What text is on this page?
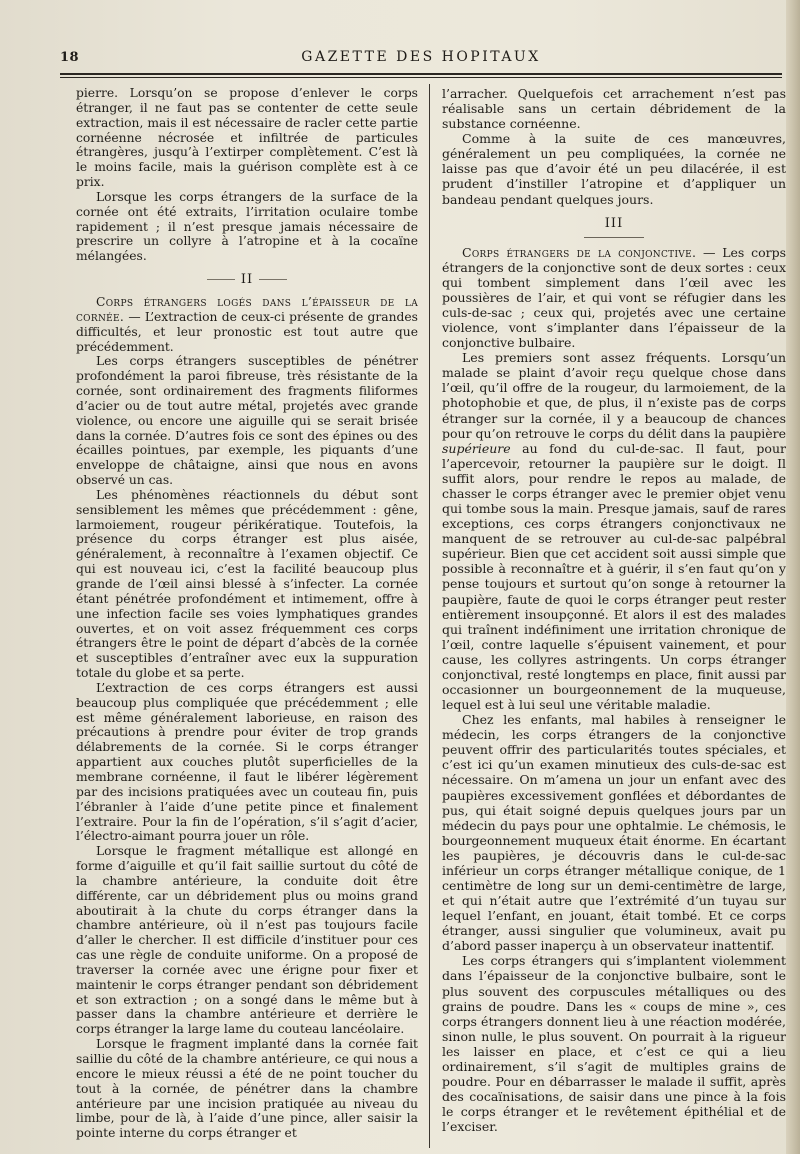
18	GAZETTE DES HOPITAUX

pierre. Lorsqu’on se propose d’enlever le corps étranger, il ne faut pas se contenter de cette seule extraction, mais il est nécessaire de racler cette partie cornéenne nécrosée et infiltrée de particules étrangères, jusqu’à l’extirper complètement. C’est là le moins facile, mais la guérison complète est à ce prix.

Lorsque les corps étrangers de la surface de la cornée ont été extraits, l’irritation oculaire tombe rapidement ; il n’est presque jamais nécessaire de prescrire un collyre à l’atropine et à la cocaïne mélangées.

II

Corps étrangers logés dans l’épaisseur de la cornée. — L’extraction de ceux-ci présente de grandes difficultés, et leur pronostic est tout autre que précédemment.

Les corps étrangers susceptibles de pénétrer profondément la paroi fibreuse, très résistante de la cornée, sont ordinairement des fragments filiformes d’acier ou de tout autre métal, projetés avec grande violence, ou encore une aiguille qui se serait brisée dans la cornée. D’autres fois ce sont des épines ou des écailles pointues, par exemple, les piquants d’une enveloppe de châtaigne, ainsi que nous en avons observé un cas.

Les phénomènes réactionnels du début sont sensiblement les mêmes que précédemment : gêne, larmoiement, rougeur périkératique. Toutefois, la présence du corps étranger est plus aisée, généralement, à reconnaître à l’examen objectif. Ce qui est nouveau ici, c’est la facilité beaucoup plus grande de l’œil ainsi blessé à s’infecter. La cornée étant pénétrée profondément et intimement, offre à une infection facile ses voies lymphatiques grandes ouvertes, et on voit assez fréquemment ces corps étrangers être le point de départ d’abcès de la cornée et susceptibles d’entraîner avec eux la suppuration totale du globe et sa perte.

L’extraction de ces corps étrangers est aussi beaucoup plus compliquée que précédemment ; elle est même généralement laborieuse, en raison des précautions à prendre pour éviter de trop grands délabrements de la cornée. Si le corps étranger appartient aux couches plutôt superficielles de la membrane cornéenne, il faut le libérer légèrement par des incisions pratiquées avec un couteau fin, puis l’ébranler à l’aide d’une petite pince et finalement l’extraire. Pour la fin de l’opération, s’il s’agit d’acier, l’électro-aimant pourra jouer un rôle.

Lorsque le fragment métallique est allongé en forme d’aiguille et qu’il fait saillie surtout du côté de la chambre antérieure, la conduite doit être différente, car un débridement plus ou moins grand aboutirait à la chute du corps étranger dans la chambre antérieure, où il n’est pas toujours facile d’aller le chercher. Il est difficile d’instituer pour ces cas une règle de conduite uniforme. On a proposé de traverser la cornée avec une érigne pour fixer et maintenir le corps étranger pendant son débridement et son extraction ; on a songé dans le même but à passer dans la chambre antérieure et derrière le corps étranger la large lame du couteau lancéolaire.

Lorsque le fragment implanté dans la cornée fait saillie du côté de la chambre antérieure, ce qui nous a encore le mieux réussi a été de ne point toucher du tout à la cornée, de pénétrer dans la chambre antérieure par une incision pratiquée au niveau du limbe, pour de là, à l’aide d’une pince, aller saisir la pointe interne du corps étranger et

l’arracher. Quelquefois cet arrachement n’est pas réalisable sans un certain débridement de la substance cornéenne.

Comme à la suite de ces manœuvres, généralement un peu compliquées, la cornée ne laisse pas que d’avoir été un peu dilacérée, il est prudent d’instiller l’atropine et d’appliquer un bandeau pendant quelques jours.

III

Corps étrangers de la conjonctive. — Les corps étrangers de la conjonctive sont de deux sortes : ceux qui tombent simplement dans l’œil avec les poussières de l’air, et qui vont se réfugier dans les culs-de-sac ; ceux qui, projetés avec une certaine violence, vont s’implanter dans l’épaisseur de la conjonctive bulbaire.

Les premiers sont assez fréquents. Lorsqu’un malade se plaint d’avoir reçu quelque chose dans l’œil, qu’il offre de la rougeur, du larmoiement, de la photophobie et que, de plus, il n’existe pas de corps étranger sur la cornée, il y a beaucoup de chances pour qu’on retrouve le corps du délit dans la paupière supérieure au fond du cul-de-sac. Il faut, pour l’apercevoir, retourner la paupière sur le doigt. Il suffit alors, pour rendre le repos au malade, de chasser le corps étranger avec le premier objet venu qui tombe sous la main. Presque jamais, sauf de rares exceptions, ces corps étrangers conjonctivaux ne manquent de se retrouver au cul-de-sac palpébral supérieur. Bien que cet accident soit aussi simple que possible à reconnaître et à guérir, il s’en faut qu’on y pense toujours et surtout qu’on songe à retourner la paupière, faute de quoi le corps étranger peut rester entièrement insoupçonné. Et alors il est des malades qui traînent indéfiniment une irritation chronique de l’œil, contre laquelle s’épuisent vainement, et pour cause, les collyres astringents. Un corps étranger conjonctival, resté longtemps en place, finit aussi par occasionner un bourgeonnement de la muqueuse, lequel est à lui seul une véritable maladie.

Chez les enfants, mal habiles à renseigner le médecin, les corps étrangers de la conjonctive peuvent offrir des particularités toutes spéciales, et c’est ici qu’un examen minutieux des culs-de-sac est nécessaire. On m’amena un jour un enfant avec des paupières excessivement gonflées et débordantes de pus, qui était soigné depuis quelques jours par un médecin du pays pour une ophtalmie. Le chémosis, le bourgeonnement muqueux était énorme. En écartant les paupières, je découvris dans le cul-de-sac inférieur un corps étranger métallique conique, de 1 centimètre de long sur un demi-centimètre de large, et qui n’était autre que l’extrémité d’un tuyau sur lequel l’enfant, en jouant, était tombé. Et ce corps étranger, aussi singulier que volumineux, avait pu d’abord passer inaperçu à un observateur inattentif.

Les corps étrangers qui s’implantent violemment dans l’épaisseur de la conjonctive bulbaire, sont le plus souvent des corpuscules métalliques ou des grains de poudre. Dans les « coups de mine », ces corps étrangers donnent lieu à une réaction modérée, sinon nulle, le plus souvent. On pourrait à la rigueur les laisser en place, et c’est ce qui a lieu ordinairement, s’il s’agit de multiples grains de poudre. Pour en débarrasser le malade il suffit, après des cocaïnisations, de saisir dans une pince à la fois le corps étranger et le revêtement épithélial et de l’exciser.
